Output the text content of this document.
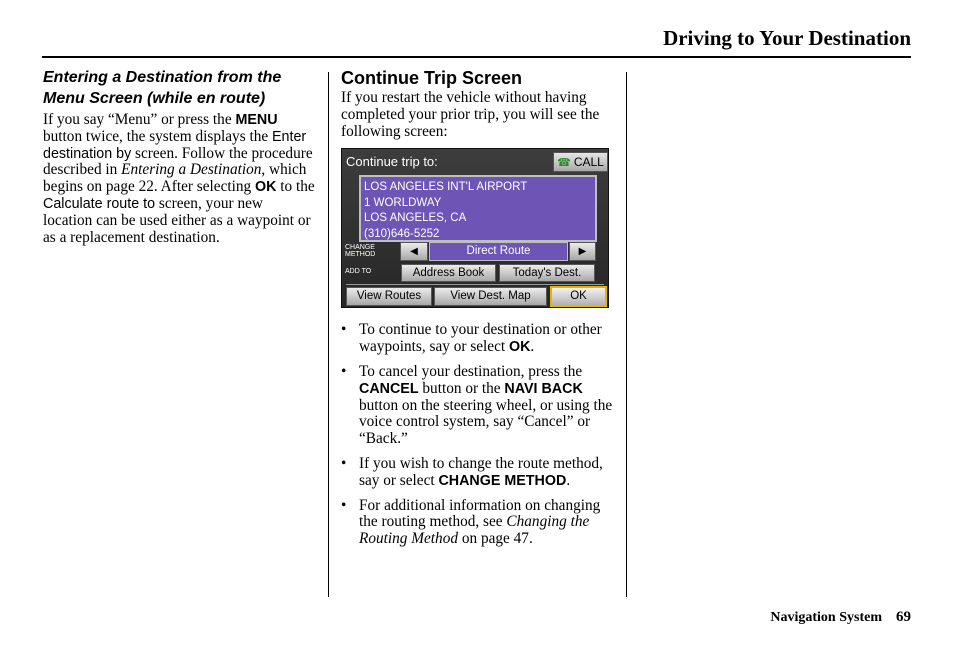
Driving to Your Destination
Entering a Destination from the Menu Screen (while en route)
If you say “Menu” or press the MENU button twice, the system displays the Enter destination by screen. Follow the procedure described in Entering a Destination, which begins on page 22. After selecting OK to the Calculate route to screen, your new location can be used either as a waypoint or as a replacement destination.
Continue Trip Screen
If you restart the vehicle without having completed your prior trip, you will see the following screen:
Continue trip to:	☎ CALL
LOS ANGELES INT'L AIRPORT
1 WORLDWAY
LOS ANGELES, CA
(310)646-5252
CHANGE
METHOD
ADD TO
◀	Direct Route	▶
Address Book	Today's Dest.
View Routes	View Dest. Map	OK
• To continue to your destination or other waypoints, say or select OK.
• To cancel your destination, press the CANCEL button or the NAVI BACK button on the steering wheel, or using the voice control system, say “Cancel” or “Back.”
• If you wish to change the route method, say or select CHANGE METHOD.
• For additional information on changing the routing method, see Changing the Routing Method on page 47.
Navigation System 69
